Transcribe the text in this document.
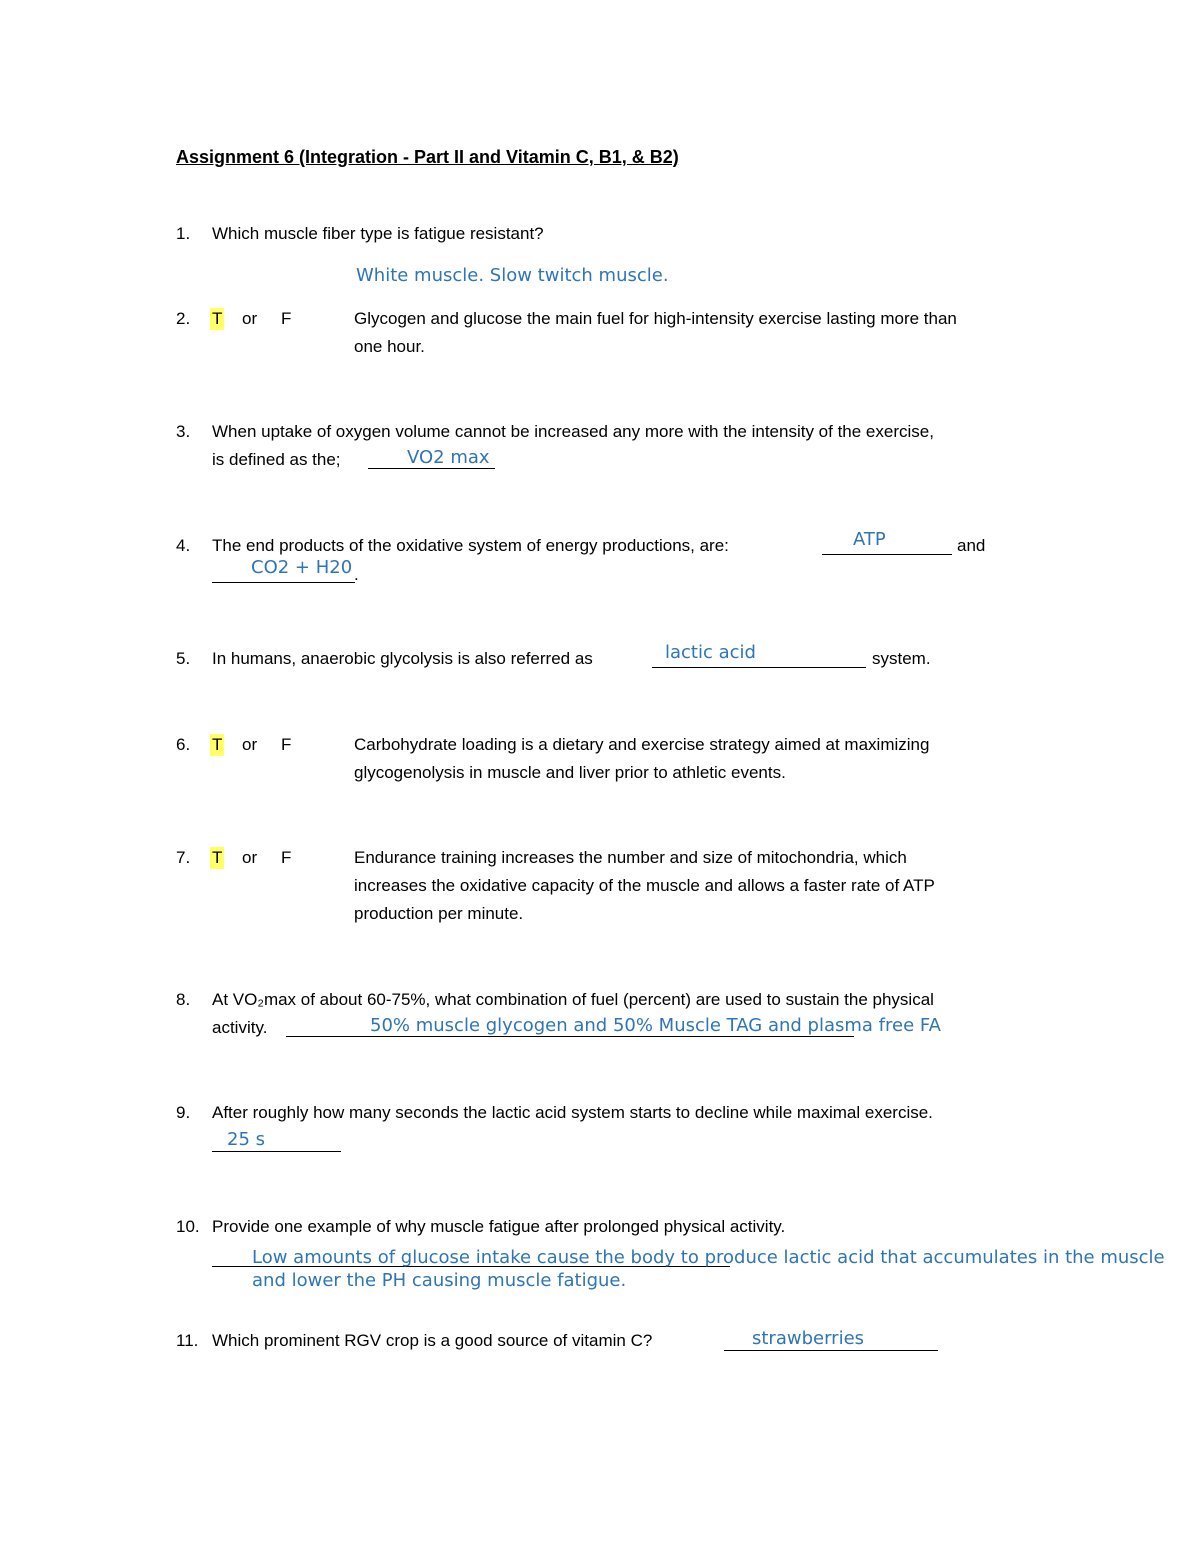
Assignment 6 (Integration - Part II and Vitamin C, B1, & B2)
1. Which muscle fiber type is fatigue resistant?
White muscle. Slow twitch muscle.
2. T or F	Glycogen and glucose the main fuel for high-intensity exercise lasting more than
one hour.
3. When uptake of oxygen volume cannot be increased any more with the intensity of the exercise,
is defined as the;	VO2 max
4. The end products of the oxidative system of energy productions, are:	ATP	and
CO2 + H20 .
5. In humans, anaerobic glycolysis is also referred as	lactic acid	system.
6. T or F	Carbohydrate loading is a dietary and exercise strategy aimed at maximizing
glycogenolysis in muscle and liver prior to athletic events.
7. T or F	Endurance training increases the number and size of mitochondria, which
increases the oxidative capacity of the muscle and allows a faster rate of ATP
production per minute.
8. At VO₂max of about 60-75%, what combination of fuel (percent) are used to sustain the physical
activity.	50% muscle glycogen and 50% Muscle TAG and plasma free FA
9. After roughly how many seconds the lactic acid system starts to decline while maximal exercise.
25 s
10. Provide one example of why muscle fatigue after prolonged physical activity.
Low amounts of glucose intake cause the body to produce lactic acid that accumulates in the muscle
and lower the PH causing muscle fatigue.
11. Which prominent RGV crop is a good source of vitamin C?	strawberries
